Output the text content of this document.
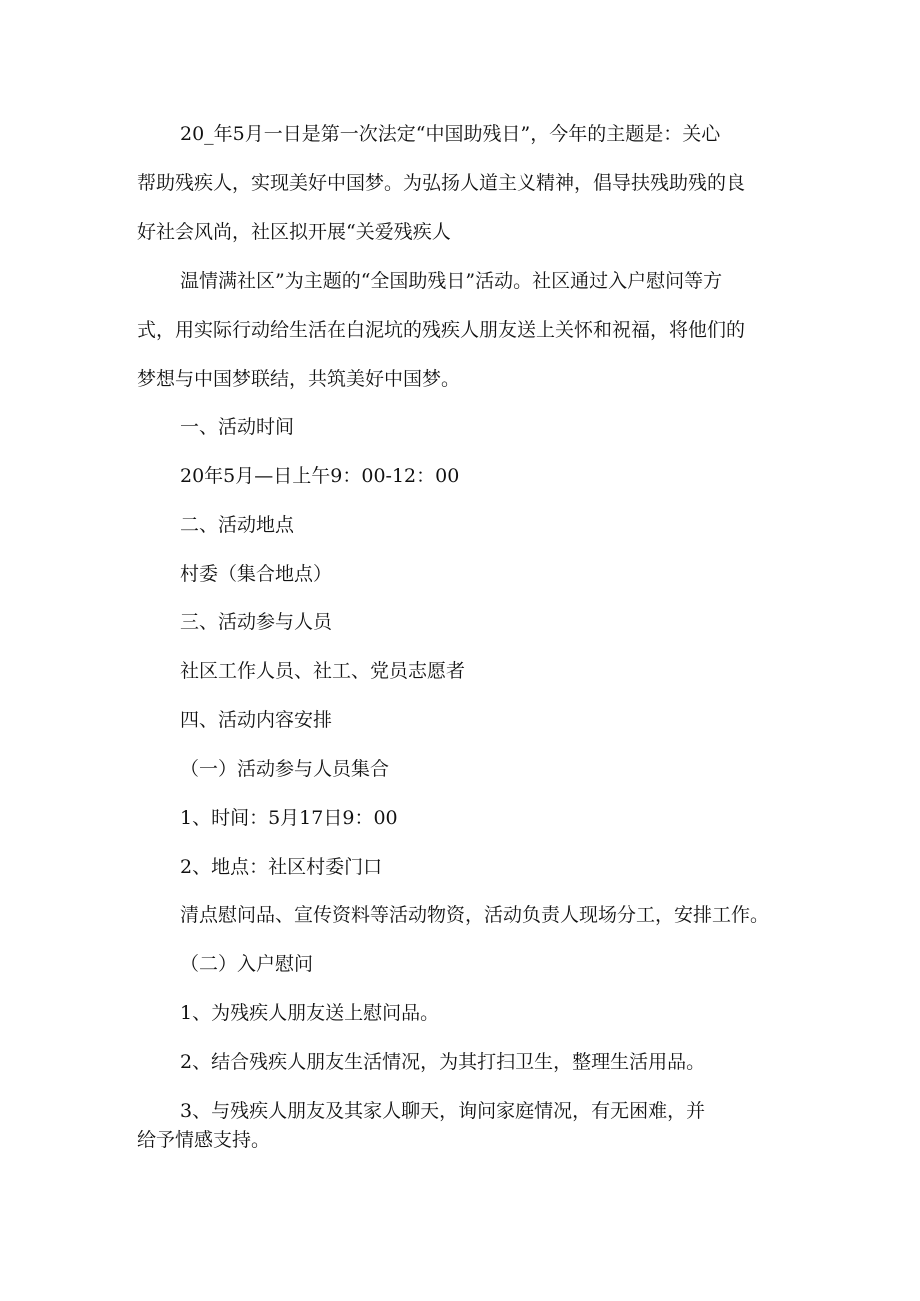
20_年5月一日是第一次法定“中国助残日”，今年的主题是：关心
帮助残疾人，实现美好中国梦。为弘扬人道主义精神，倡导扶残助残的良
好社会风尚，社区拟开展“关爱残疾人
温情满社区”为主题的“全国助残日”活动。社区通过入户慰问等方
式，用实际行动给生活在白泥坑的残疾人朋友送上关怀和祝福，将他们的
梦想与中国梦联结，共筑美好中国梦。
一、活动时间
20年5月—日上午9：00-12：00
二、活动地点
村委（集合地点）
三、活动参与人员
社区工作人员、社工、党员志愿者
四、活动内容安排
（一）活动参与人员集合
1、时间：5月17日9：00
2、地点：社区村委门口
清点慰问品、宣传资料等活动物资，活动负责人现场分工，安排工作。
（二）入户慰问
1、为残疾人朋友送上慰问品。
2、结合残疾人朋友生活情况，为其打扫卫生，整理生活用品。
3、与残疾人朋友及其家人聊天，询问家庭情况，有无困难，并
给予情感支持。
